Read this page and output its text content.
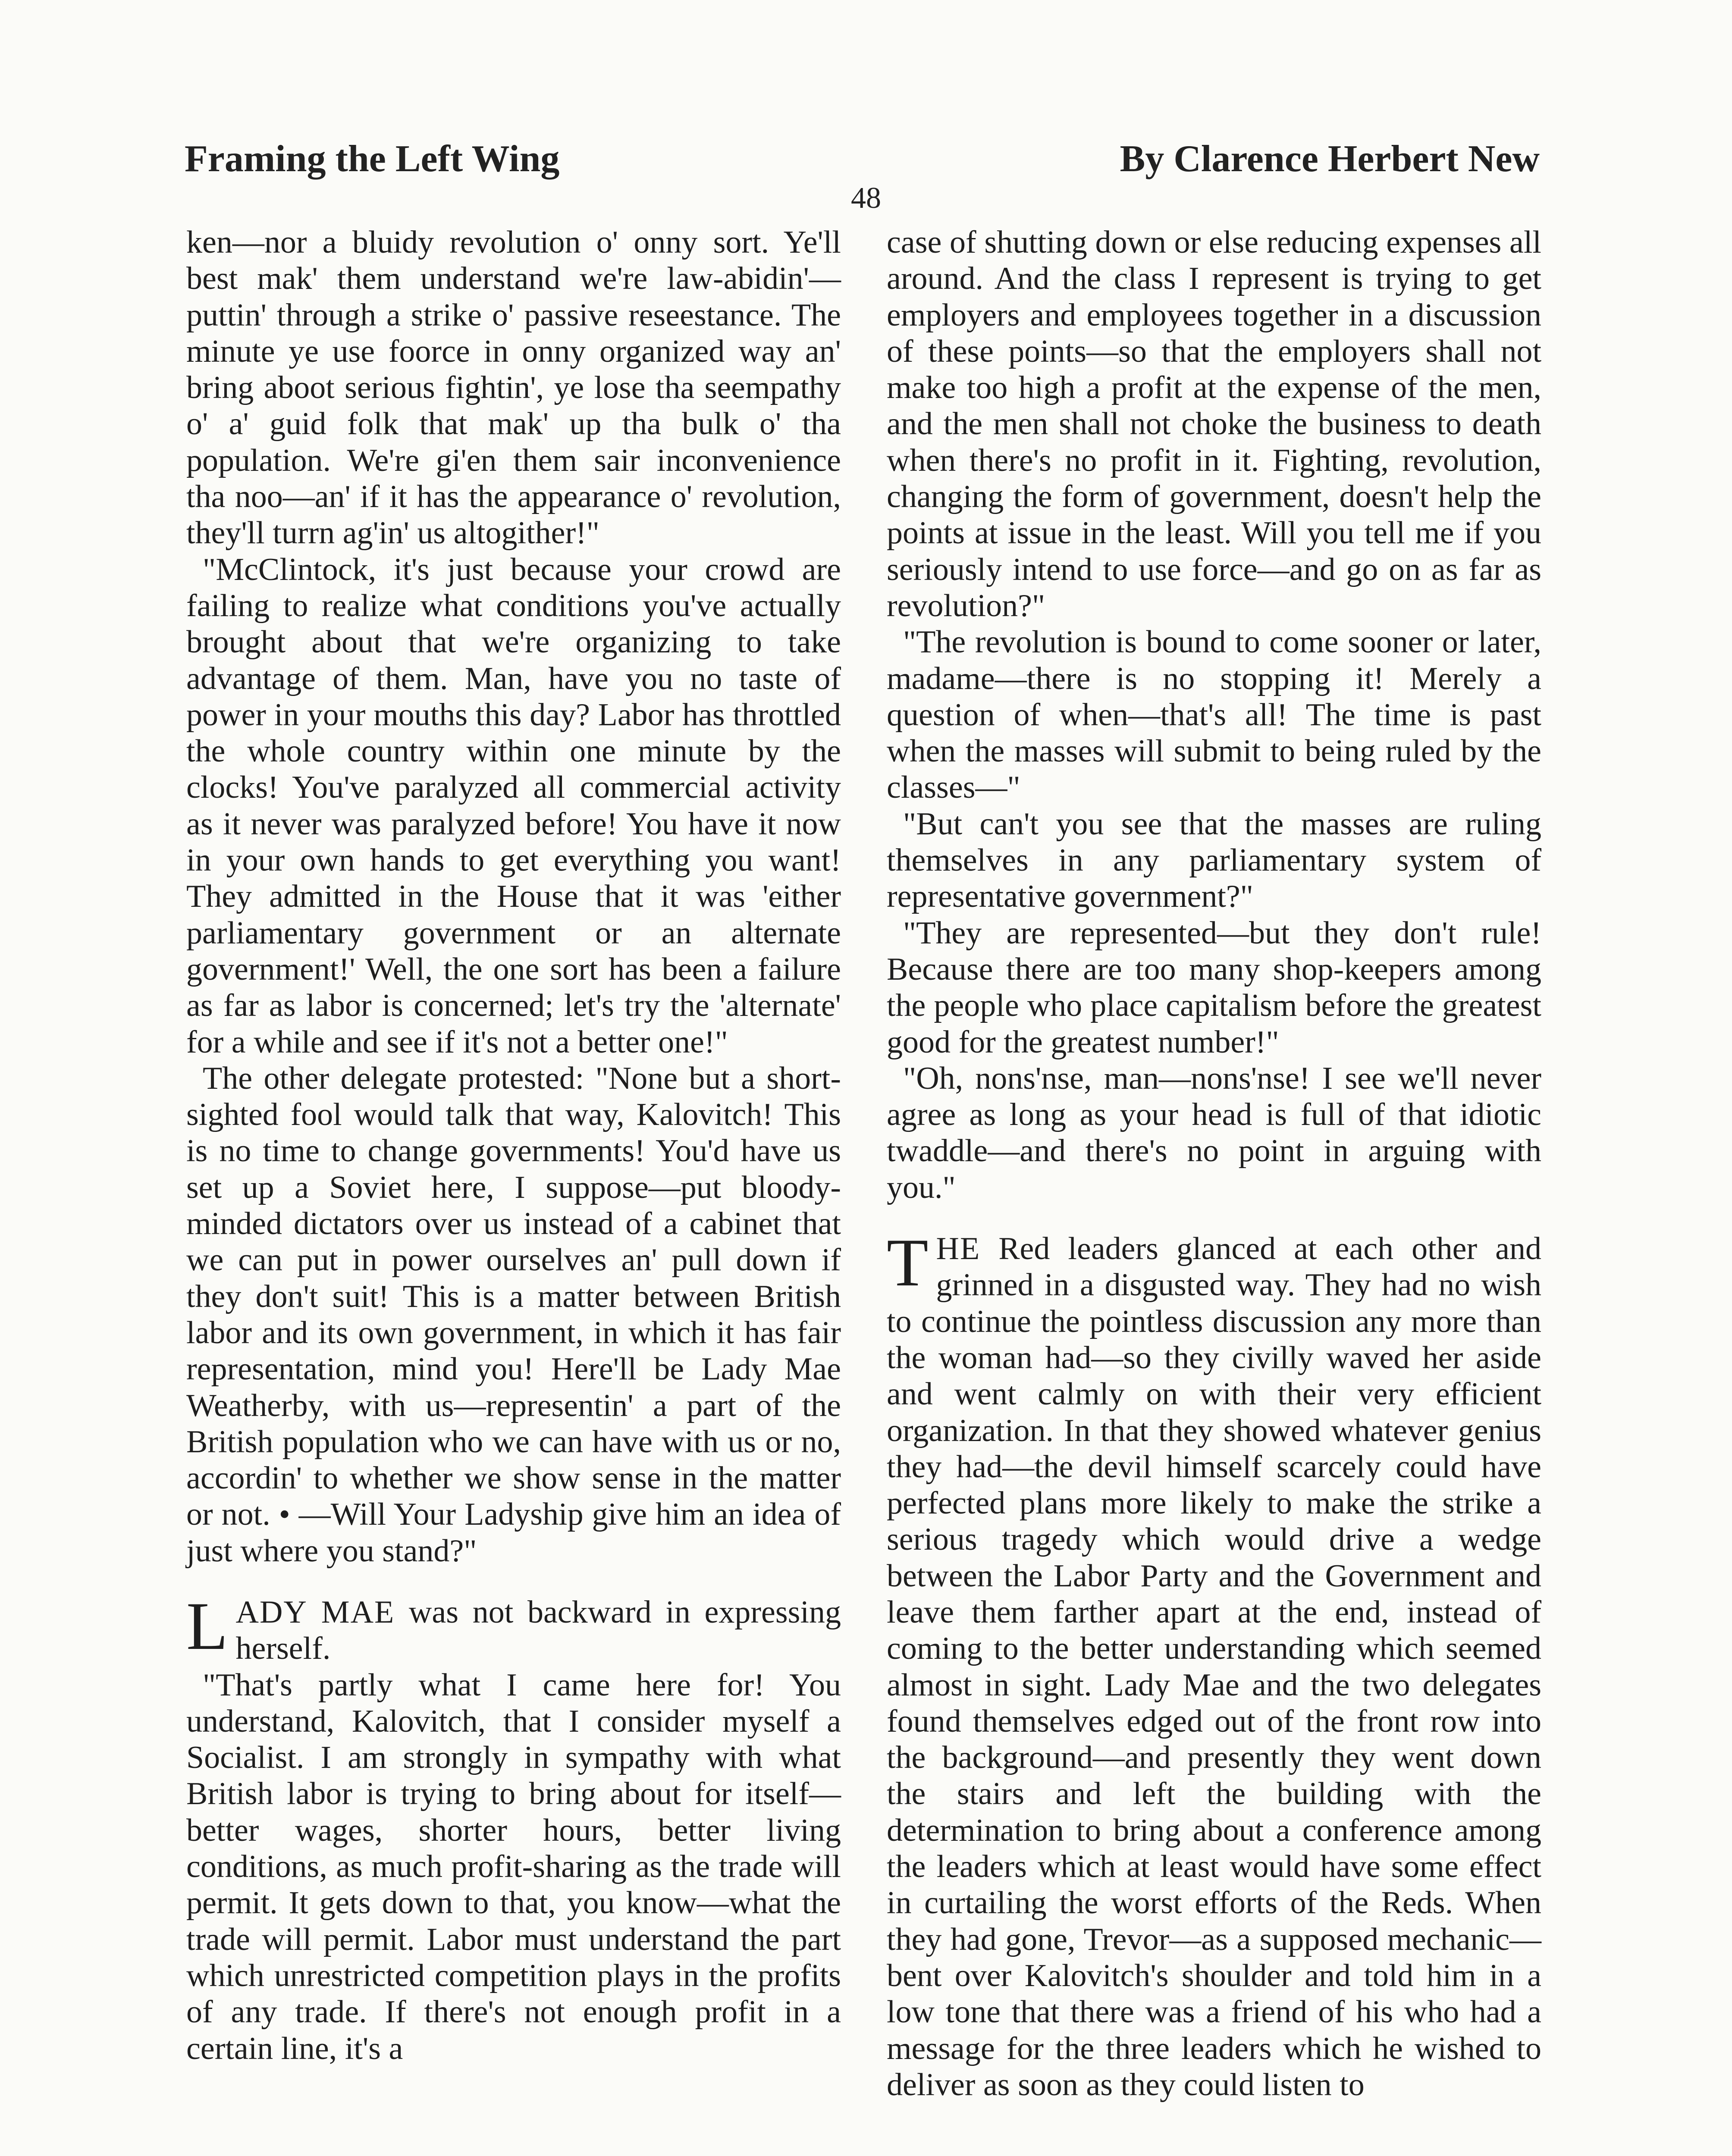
Framing the Left Wing	By Clarence Herbert New
48

ken—nor a bluidy revolution o' onny sort. Ye'll best mak' them understand we're law-abidin'—puttin' through a strike o' passive reseestance. The minute ye use foorce in onny organized way an' bring aboot serious fightin', ye lose tha seempathy o' a' guid folk that mak' up tha bulk o' tha population. We're gi'en them sair inconvenience tha noo—an' if it has the appearance o' revolution, they'll turrn ag'in' us altogither!"

"McClintock, it's just because your crowd are failing to realize what conditions you've actually brought about that we're organizing to take advantage of them. Man, have you no taste of power in your mouths this day? Labor has throttled the whole country within one minute by the clocks! You've paralyzed all commercial activity as it never was paralyzed before! You have it now in your own hands to get everything you want! They admitted in the House that it was 'either parliamentary government or an alternate government!' Well, the one sort has been a failure as far as labor is concerned; let's try the 'alternate' for a while and see if it's not a better one!"

The other delegate protested: "None but a short-sighted fool would talk that way, Kalovitch! This is no time to change governments! You'd have us set up a Soviet here, I suppose—put bloody-minded dictators over us instead of a cabinet that we can put in power ourselves an' pull down if they don't suit! This is a matter between British labor and its own government, in which it has fair representation, mind you! Here'll be Lady Mae Weatherby, with us—representin' a part of the British population who we can have with us or no, accordin' to whether we show sense in the matter or not. • —Will Your Ladyship give him an idea of just where you stand?"

LADY MAE was not backward in expressing herself.

"That's partly what I came here for! You understand, Kalovitch, that I consider myself a Socialist. I am strongly in sympathy with what British labor is trying to bring about for itself—better wages, shorter hours, better living conditions, as much profit-sharing as the trade will permit. It gets down to that, you know—what the trade will permit. Labor must understand the part which unrestricted competition plays in the profits of any trade. If there's not enough profit in a certain line, it's a

case of shutting down or else reducing expenses all around. And the class I represent is trying to get employers and employees together in a discussion of these points—so that the employers shall not make too high a profit at the expense of the men, and the men shall not choke the business to death when there's no profit in it. Fighting, revolution, changing the form of government, doesn't help the points at issue in the least. Will you tell me if you seriously intend to use force—and go on as far as revolution?"

"The revolution is bound to come sooner or later, madame—there is no stopping it! Merely a question of when—that's all! The time is past when the masses will submit to being ruled by the classes—"

"But can't you see that the masses are ruling themselves in any parliamentary system of representative government?"

"They are represented—but they don't rule! Because there are too many shop-keepers among the people who place capitalism before the greatest good for the greatest number!"

"Oh, nons'nse, man—nons'nse! I see we'll never agree as long as your head is full of that idiotic twaddle—and there's no point in arguing with you."

THE Red leaders glanced at each other and grinned in a disgusted way. They had no wish to continue the pointless discussion any more than the woman had—so they civilly waved her aside and went calmly on with their very efficient organization. In that they showed whatever genius they had—the devil himself scarcely could have perfected plans more likely to make the strike a serious tragedy which would drive a wedge between the Labor Party and the Government and leave them farther apart at the end, instead of coming to the better understanding which seemed almost in sight. Lady Mae and the two delegates found themselves edged out of the front row into the background—and presently they went down the stairs and left the building with the determination to bring about a conference among the leaders which at least would have some effect in curtailing the worst efforts of the Reds. When they had gone, Trevor—as a supposed mechanic—bent over Kalovitch's shoulder and told him in a low tone that there was a friend of his who had a message for the three leaders which he wished to deliver as soon as they could listen to
